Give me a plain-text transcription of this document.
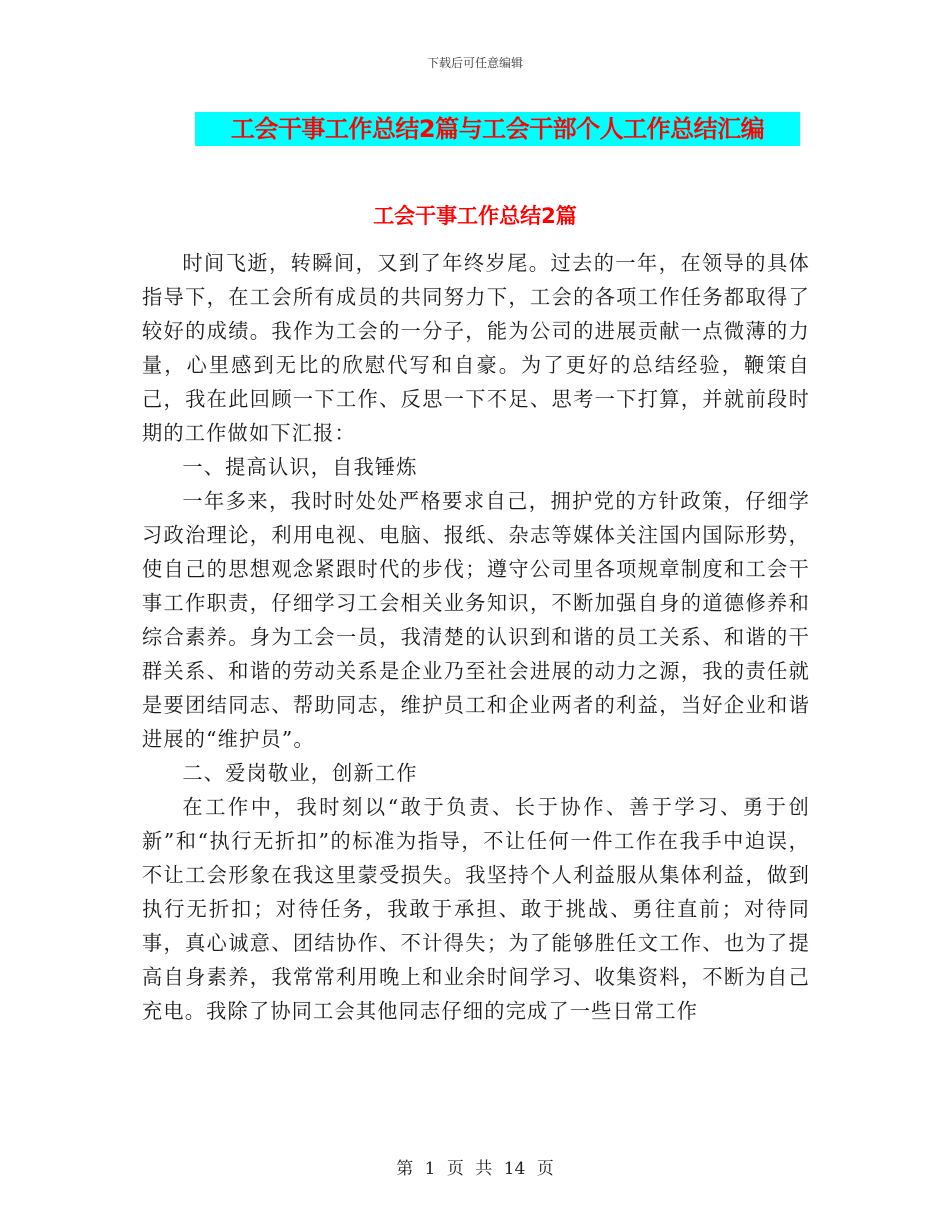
下载后可任意编辑
工会干事工作总结2篇与工会干部个人工作总结汇编
工会干事工作总结2篇

时间飞逝，转瞬间，又到了年终岁尾。过去的一年，在领导的具体指导下，在工会所有成员的共同努力下，工会的各项工作任务都取得了较好的成绩。我作为工会的一分子，能为公司的进展贡献一点微薄的力量，心里感到无比的欣慰代写和自豪。为了更好的总结经验，鞭策自己，我在此回顾一下工作、反思一下不足、思考一下打算，并就前段时期的工作做如下汇报：

一、提高认识，自我锤炼

一年多来，我时时处处严格要求自己，拥护党的方针政策，仔细学习政治理论，利用电视、电脑、报纸、杂志等媒体关注国内国际形势，使自己的思想观念紧跟时代的步伐；遵守公司里各项规章制度和工会干事工作职责，仔细学习工会相关业务知识，不断加强自身的道德修养和综合素养。身为工会一员，我清楚的认识到和谐的员工关系、和谐的干群关系、和谐的劳动关系是企业乃至社会进展的动力之源，我的责任就是要团结同志、帮助同志，维护员工和企业两者的利益，当好企业和谐进展的“维护员”。

二、爱岗敬业，创新工作

在工作中，我时刻以“敢于负责、长于协作、善于学习、勇于创新”和“执行无折扣”的标准为指导，不让任何一件工作在我手中迫误，不让工会形象在我这里蒙受损失。我坚持个人利益服从集体利益，做到执行无折扣；对待任务，我敢于承担、敢于挑战、勇往直前；对待同事，真心诚意、团结协作、不计得失；为了能够胜任文工作、也为了提高自身素养，我常常利用晚上和业余时间学习、收集资料，不断为自己充电。我除了协同工会其他同志仔细的完成了一些日常工作

第 1 页 共 14 页
